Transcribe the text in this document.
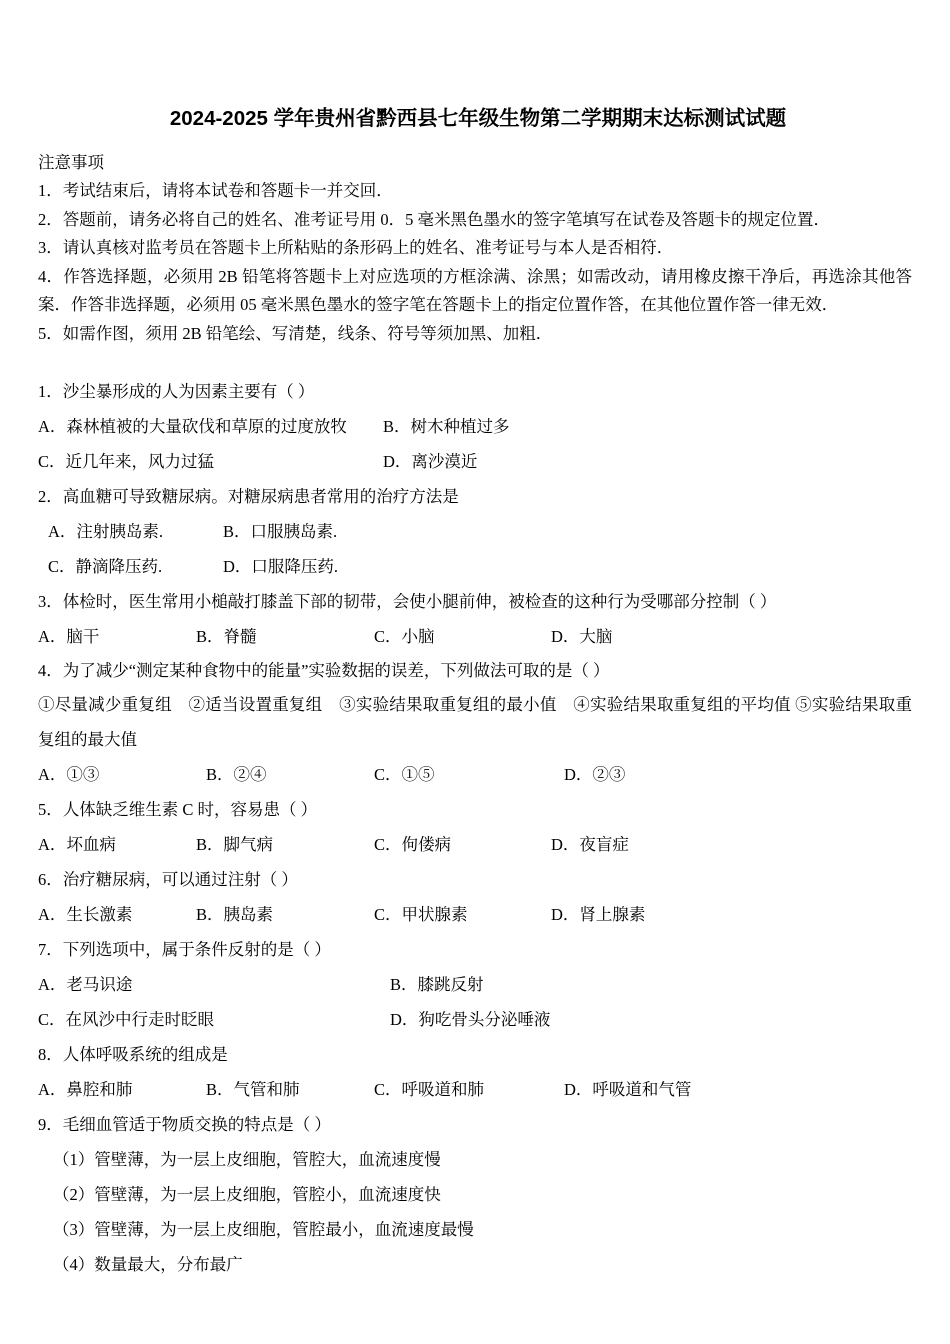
2024-2025 学年贵州省黔西县七年级生物第二学期期末达标测试试题
注意事项
1．考试结束后，请将本试卷和答题卡一并交回．
2．答题前，请务必将自己的姓名、准考证号用 0．5 毫米黑色墨水的签字笔填写在试卷及答题卡的规定位置．
3．请认真核对监考员在答题卡上所粘贴的条形码上的姓名、准考证号与本人是否相符．
4．作答选择题，必须用 2B 铅笔将答题卡上对应选项的方框涂满、涂黑；如需改动，请用橡皮擦干净后，再选涂其他答案．作答非选择题，必须用 05 毫米黑色墨水的签字笔在答题卡上的指定位置作答，在其他位置作答一律无效．
5．如需作图，须用 2B 铅笔绘、写清楚，线条、符号等须加黑、加粗．
1．沙尘暴形成的人为因素主要有（ ）
A．森林植被的大量砍伐和草原的过度放牧 B．树木种植过多
C．近几年来，风力过猛	D．离沙漠近
2．高血糖可导致糖尿病。对糖尿病患者常用的治疗方法是
A．注射胰岛素.	B．口服胰岛素.
C．静滴降压药.	D．口服降压药.
3．体检时，医生常用小槌敲打膝盖下部的韧带，会使小腿前伸，被检查的这种行为受哪部分控制（ ）
A．脑干	B．脊髓	C．小脑	D．大脑
4．为了减少“测定某种食物中的能量”实验数据的误差，下列做法可取的是（ ）
①尽量减少重复组　②适当设置重复组　③实验结果取重复组的最小值　④实验结果取重复组的平均值 ⑤实验结果取重复组的最大值
A．①③	B．②④	C．①⑤	D．②③
5．人体缺乏维生素 C 时，容易患（ ）
A．坏血病	B．脚气病	C．佝偻病	D．夜盲症
6．治疗糖尿病，可以通过注射（ ）
A．生长激素	B．胰岛素	C．甲状腺素	D．肾上腺素
7．下列选项中，属于条件反射的是（ ）
A．老马识途	B．膝跳反射
C．在风沙中行走时眨眼	D．狗吃骨头分泌唾液
8．人体呼吸系统的组成是
A．鼻腔和肺	B．气管和肺	C．呼吸道和肺	D．呼吸道和气管
9．毛细血管适于物质交换的特点是（ ）
（1）管壁薄，为一层上皮细胞，管腔大，血流速度慢
（2）管壁薄，为一层上皮细胞，管腔小，血流速度快
（3）管壁薄，为一层上皮细胞，管腔最小，血流速度最慢
（4）数量最大，分布最广
